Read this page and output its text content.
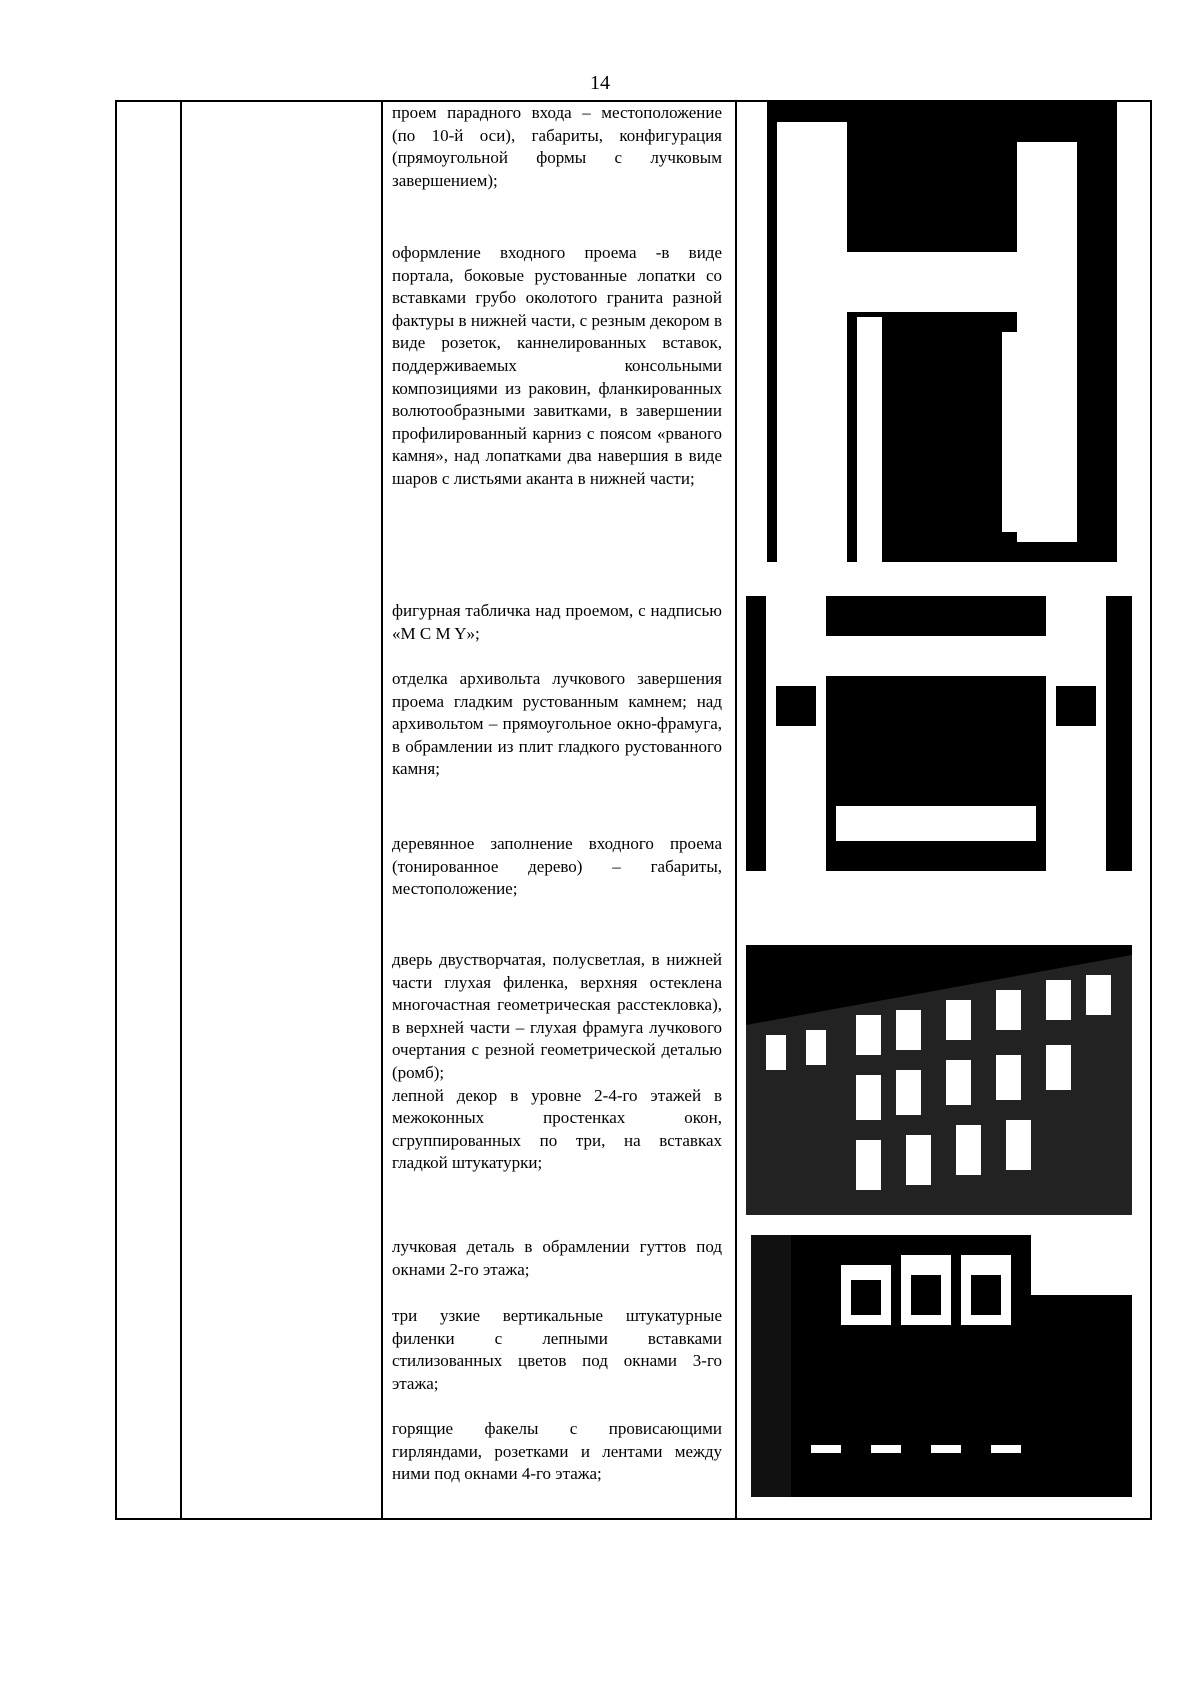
14
проем парадного входа – местоположение (по 10-й оси), габариты, конфигурация (прямоугольной формы с лучковым завершением);
оформление входного проема -в виде портала, боковые рустованные лопатки со вставками грубо околотого гранита разной фактуры в нижней части, с резным декором в виде розеток, каннелированных вставок, поддерживаемых консольными композициями из раковин, фланкированных волютообразными завитками, в завершении профилированный карниз с поясом «рваного камня», над лопатками два навершия в виде шаров с листьями аканта в нижней части;
фигурная табличка над проемом, с надписью «M C M Y»;
отделка архивольта лучкового завершения проема гладким рустованным камнем; над архивольтом – прямоугольное окно-фрамуга, в обрамлении из плит гладкого рустованного камня;
деревянное заполнение входного проема (тонированное дерево) – габариты, местоположение;
дверь двустворчатая, полусветлая, в нижней части глухая филенка, верхняя остеклена многочастная геометрическая расстекловка), в верхней части – глухая фрамуга лучкового очертания с резной геометрической деталью (ромб);
лепной декор в уровне 2-4-го этажей в межоконных простенках окон, сгруппированных по три, на вставках гладкой штукатурки;
лучковая деталь в обрамлении гуттов под окнами 2-го этажа;
три узкие вертикальные штукатурные филенки с лепными вставками стилизованных цветов под окнами 3-го этажа;
горящие факелы с провисающими гирляндами, розетками и лентами между ними под окнами 4-го этажа;
